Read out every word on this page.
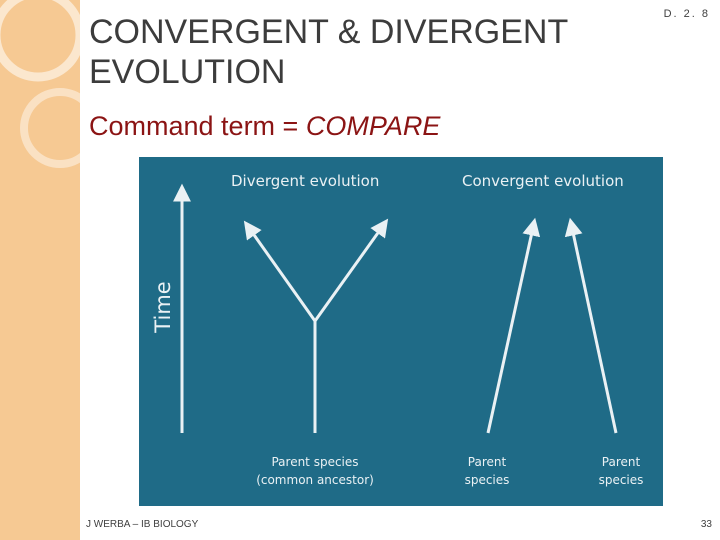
CONVERGENT & DIVERGENT
EVOLUTION

Command term = COMPARE

D. 2. 8
Time
Divergent evolution	Convergent evolution
Parent species
(common ancestor)
Parent
species
Parent
species
J WERBA – IB BIOLOGY	33
